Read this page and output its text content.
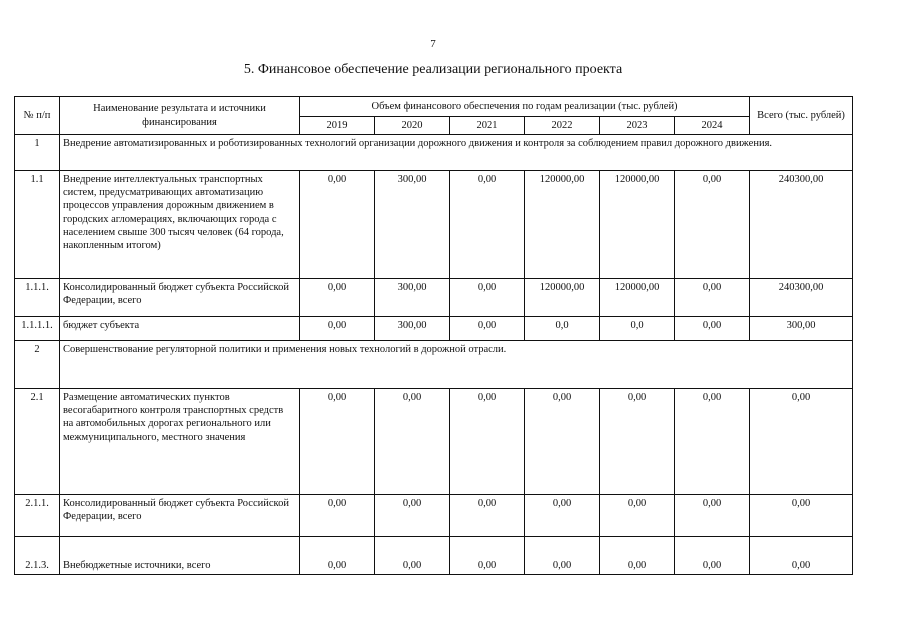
7
5. Финансовое обеспечение реализации регионального проекта
№ п/п	Наименование результата и источники финансирования	Объем финансового обеспечения по годам реализации (тыс. рублей)						Всего (тыс. рублей)
		2019	2020	2021	2022	2023	2024	
1	Внедрение автоматизированных и роботизированных технологий организации дорожного движения и контроля за соблюдением правил дорожного движения.							
1.1	Внедрение интеллектуальных транспортных систем, предусматривающих автоматизацию процессов управления дорожным движением в городских агломерациях, включающих города с населением свыше 300 тысяч человек (64 города, накопленным итогом)	0,00	300,00	0,00	120000,00	120000,00	0,00	240300,00
1.1.1.	Консолидированный бюджет субъекта Российской Федерации, всего	0,00	300,00	0,00	120000,00	120000,00	0,00	240300,00
1.1.1.1.	бюджет субъекта	0,00	300,00	0,00	0,0	0,0	0,00	300,00
2	Совершенствование регуляторной политики и применения новых технологий в дорожной отрасли.							
2.1	Размещение автоматических пунктов весогабаритного контроля транспортных средств на автомобильных дорогах регионального или межмуниципального, местного значения	0,00	0,00	0,00	0,00	0,00	0,00	0,00
2.1.1.	Консолидированный бюджет субъекта Российской Федерации, всего	0,00	0,00	0,00	0,00	0,00	0,00	0,00
2.1.3.	Внебюджетные источники, всего	0,00	0,00	0,00	0,00	0,00	0,00	0,00
